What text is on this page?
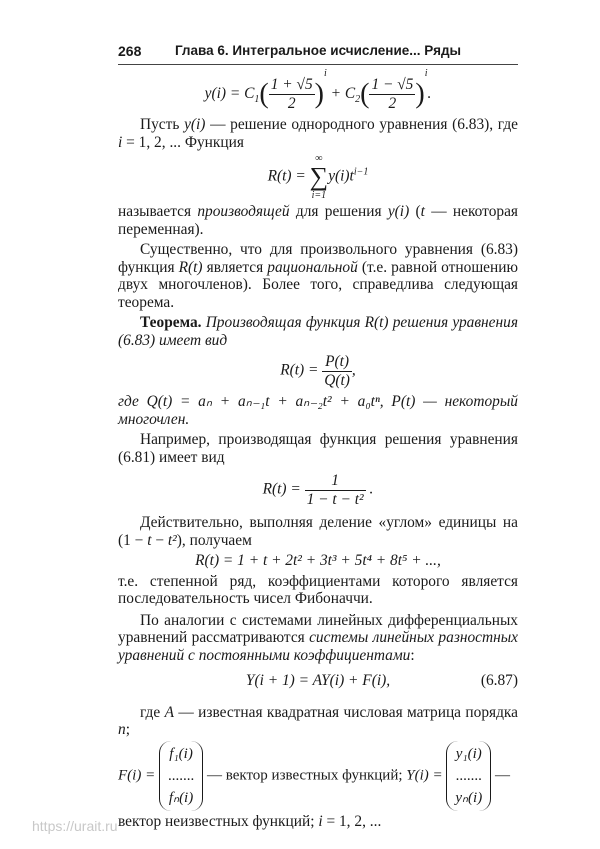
268	Глава 6. Интегральное исчисление... Ряды
$y(i) = C_1( \frac{1 + √5}{2} )^i + C_2( \frac{1 - √5}{2} )^i$.

Пусть y(i) — решение однородного уравнения (6.83), где i = 1, 2, ... Функция

R(t) =
∞
∑
i=1
$y(i)t^{i-1}$

называется производящей для решения y(i) (t — некоторая переменная).

Существенно, что для произвольного уравнения (6.83) функция R(t) является рациональной (т.е. равной отношению двух многочленов). Более того, справедлива следующая теорема.

Теорема. Производящая функция R(t) решения уравнения (6.83) имеет вид

$R(t) = \frac{P(t)}{Q(t)}$ ,

где Q(t) = aₙ + aₙ₋₁t + aₙ₋₂t² + a₀tⁿ, P(t) — некоторый многочлен.

Например, производящая функция решения уравнения (6.81) имеет вид

$R(t) = \frac{1}{\text{1 − t − t²}}$ .

Действительно, выполняя деление «углом» единицы на (1 − t − t²), получаем

R(t) = 1 + t + 2t² + 3t³ + 5t⁴ + 8t⁵ + ...,

т.е. степенной ряд, коэффициентами которого является последовательность чисел Фибоначчи.

По аналогии с системами линейных дифференциальных уравнений рассматриваются системы линейных разностных уравнений с постоянными коэффициентами:

Y(i + 1) = AY(i) + F(i),	(6.87)

где A — известная квадратная числовая матрица порядка n;

F(i) =
f₁(i)
.......
fₙ(i)
— вектор известных функций; Y(i) =
y₁(i)
.......
yₙ(i)
—

вектор неизвестных функций; i = 1, 2, ...

https://urait.ru
